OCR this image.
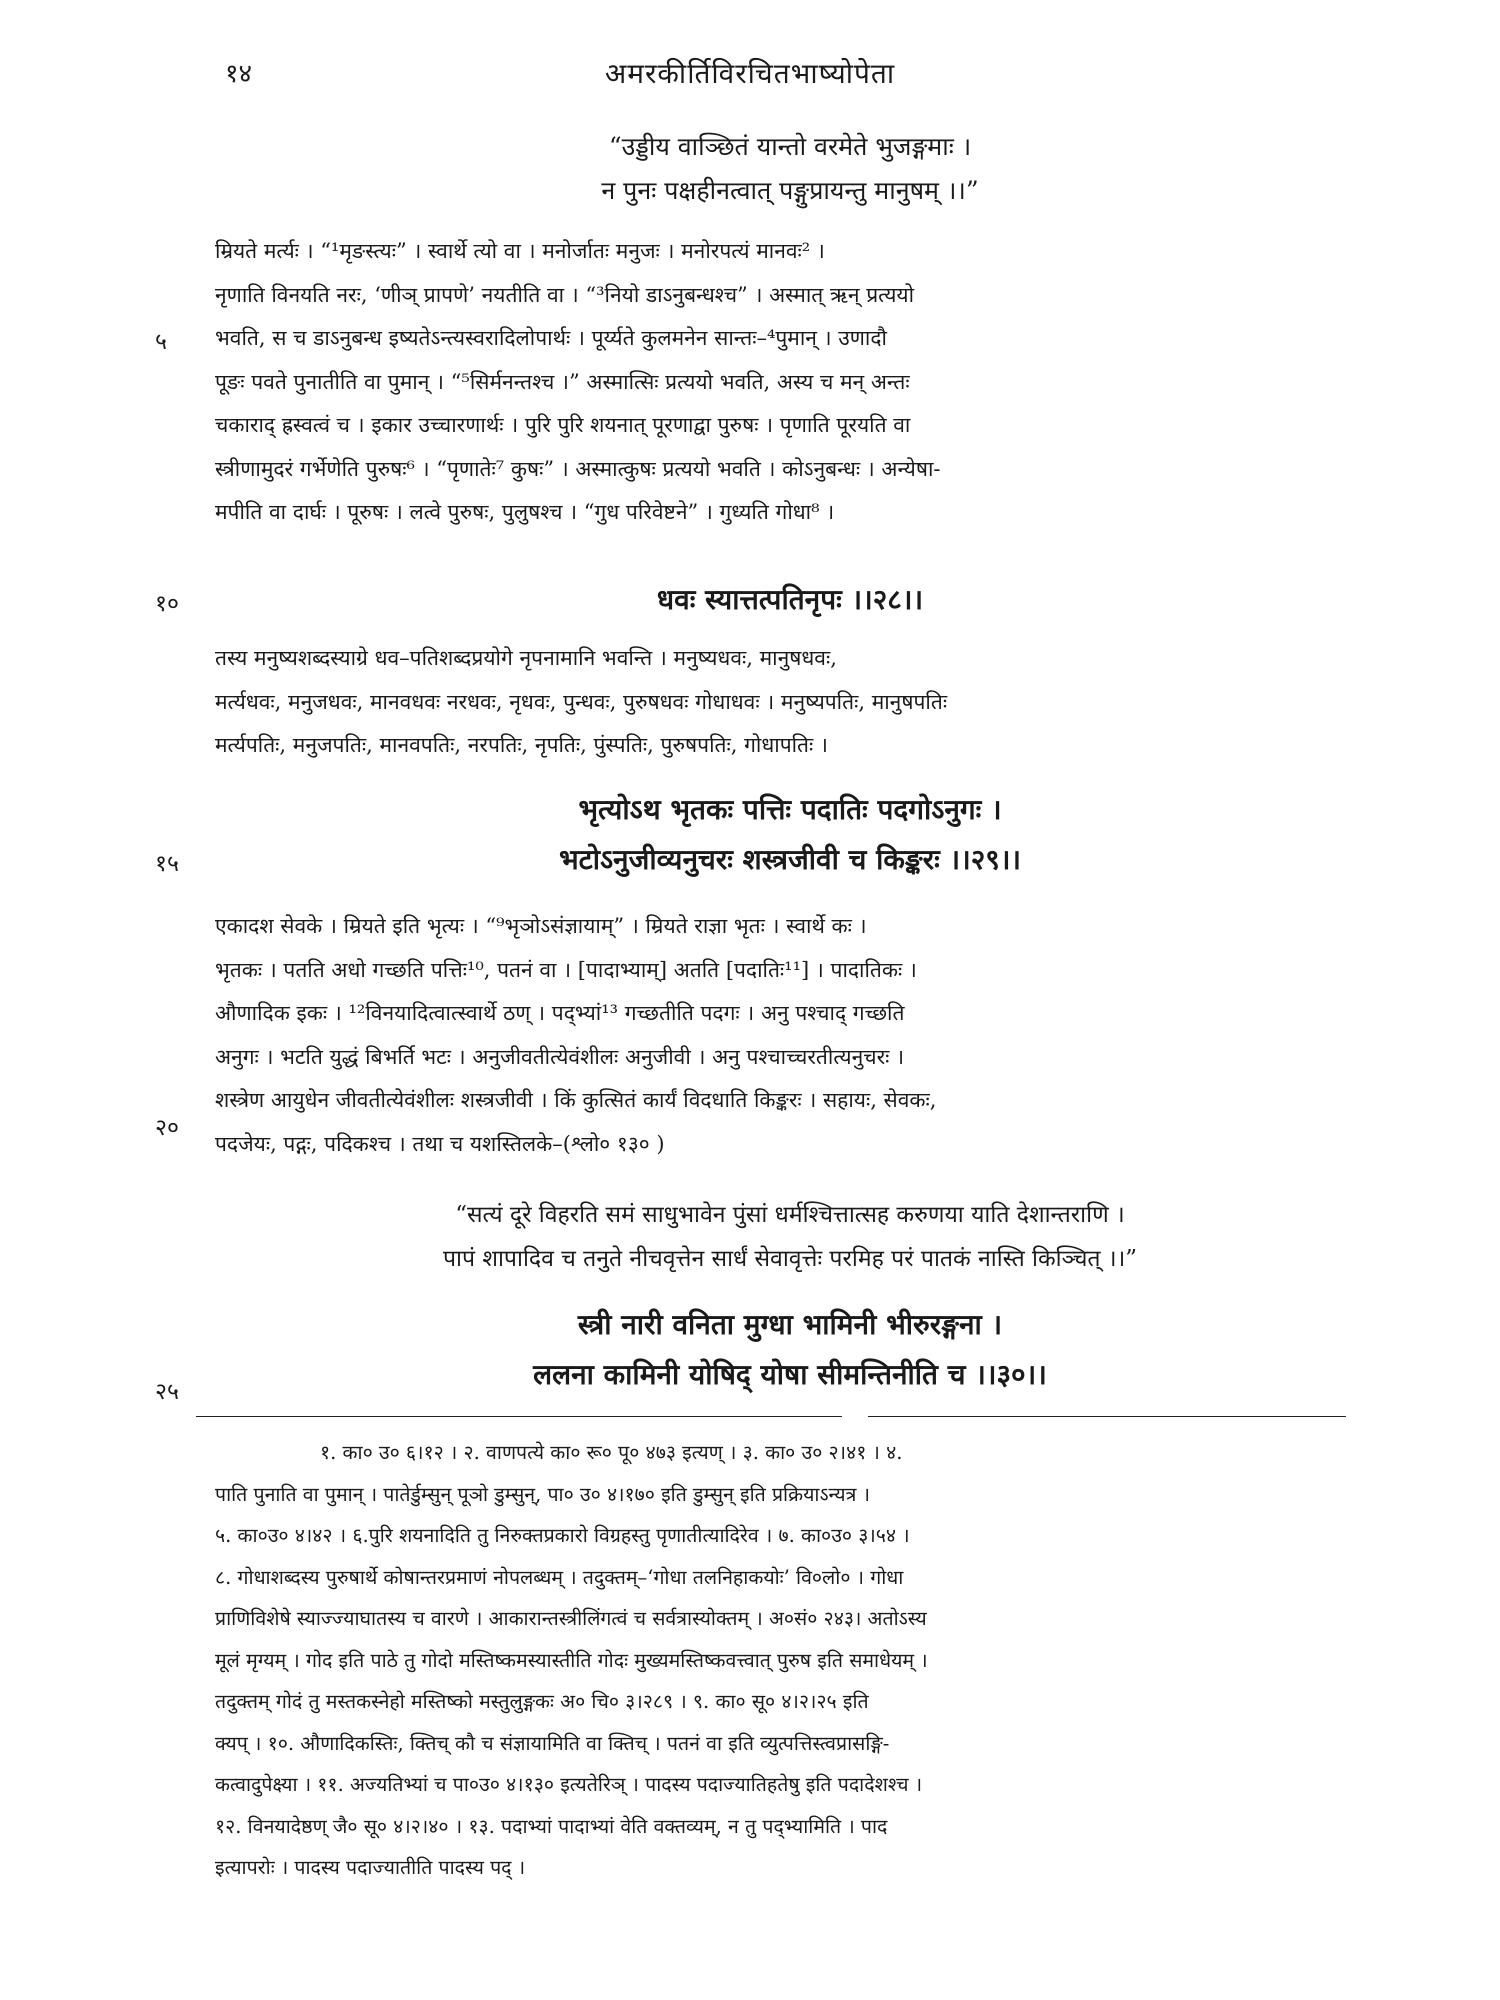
१४	अमरकीर्तिविरचितभाष्योपेता

“उड्डीय वाञ्छितं यान्तो वरमेते भुजङ्गमाः ।

न पुनः पक्षहीनत्वात् पङ्गुप्रायन्तु मानुषम् ।।”

म्रियते मर्त्यः । “¹मृङस्त्यः” । स्वार्थे त्यो वा । मनोर्जातः मनुजः । मनोरपत्यं मानवः² ।

नृणाति विनयति नरः, ‘णीञ् प्रापणे’ नयतीति वा । “³नियो डाऽनुबन्धश्च” । अस्मात् ऋन् प्रत्ययो

भवति, स च डाऽनुबन्ध इष्यतेऽन्त्यस्वरादिलोपार्थः । पूर्य्यते कुलमनेन सान्तः–⁴पुमान् । उणादौ

पूङः पवते पुनातीति वा पुमान् । “⁵सिर्मनन्तश्च ।” अस्मात्सिः प्रत्ययो भवति, अस्य च मन् अन्तः

चकाराद् ह्रस्वत्वं च । इकार उच्चारणार्थः । पुरि पुरि शयनात् पूरणाद्वा पुरुषः । पृणाति पूरयति वा

स्त्रीणामुदरं गर्भेणेति पुरुषः⁶ । “पृणातेः⁷ कुषः” । अस्मात्कुषः प्रत्ययो भवति । कोऽनुबन्धः । अन्येषा-

मपीति वा दार्घः । पूरुषः । लत्वे पुरुषः, पुलुषश्च । “गुध परिवेष्टने” । गुध्यति गोधा⁸ ।

धवः स्यात्तत्पतिनृपः ।।२८।।

तस्य मनुष्यशब्दस्याग्रे धव–पतिशब्दप्रयोगे नृपनामानि भवन्ति । मनुष्यधवः, मानुषधवः,

मर्त्यधवः, मनुजधवः, मानवधवः नरधवः, नृधवः, पुन्धवः, पुरुषधवः गोधाधवः । मनुष्यपतिः, मानुषपतिः

मर्त्यपतिः, मनुजपतिः, मानवपतिः, नरपतिः, नृपतिः, पुंस्पतिः, पुरुषपतिः, गोधापतिः ।

भृत्योऽथ भृतकः पत्तिः पदातिः पदगोऽनुगः ।

भटोऽनुजीव्यनुचरः शस्त्रजीवी च किङ्करः ।।२९।।

एकादश सेवके । म्रियते इति भृत्यः । “⁹भृञोऽसंज्ञायाम्” । म्रियते राज्ञा भृतः । स्वार्थे कः ।

भृतकः । पतति अधो गच्छति पत्तिः¹⁰, पतनं वा । [पादाभ्याम्] अतति [पदातिः¹¹] । पादातिकः ।

औणादिक इकः । ¹²विनयादित्वात्स्वार्थे ठण् । पद्भ्यां¹³ गच्छतीति पदगः । अनु पश्चाद् गच्छति

अनुगः । भटति युद्धं बिभर्ति भटः । अनुजीवतीत्येवंशीलः अनुजीवी । अनु पश्चाच्चरतीत्यनुचरः ।

शस्त्रेण आयुधेन जीवतीत्येवंशीलः शस्त्रजीवी । किं कुत्सितं कार्यं विदधाति किङ्करः । सहायः, सेवकः,

पदजेयः, पद्गः, पदिकश्च । तथा च यशस्तिलके–(श्लो० १३० )

“सत्यं दूरे विहरति समं साधुभावेन पुंसां धर्मश्चित्तात्सह करुणया याति देशान्तराणि ।

पापं शापादिव च तनुते नीचवृत्तेन सार्धं सेवावृत्तेः परमिह परं पातकं नास्ति किञ्चित् ।।”

स्त्री नारी वनिता मुग्धा भामिनी भीरुरङ्गना ।

ललना कामिनी योषिद् योषा सीमन्तिनीति च ।।३०।।

१. का० उ० ६।१२ । २. वाणपत्ये का० रू० पू० ४७३ इत्यण् । ३. का० उ० २।४१ । ४.

पाति पुनाति वा पुमान् । पातेर्डुम्सुन् पूञो डुम्सुन्, पा० उ० ४।१७० इति डुम्सुन् इति प्रक्रियाऽन्यत्र ।

५. का०उ० ४।४२ । ६.पुरि शयनादिति तु निरुक्तप्रकारो विग्रहस्तु पृणातीत्यादिरेव । ७. का०उ० ३।५४ ।

८. गोधाशब्दस्य पुरुषार्थे कोषान्तरप्रमाणं नोपलब्धम् । तदुक्तम्–‘गोधा तलनिहाकयोः’ वि०लो० । गोधा

प्राणिविशेषे स्याज्ज्याघातस्य च वारणे । आकारान्तस्त्रीलिंगत्वं च सर्वत्रास्योक्तम् । अ०सं० २४३। अतोऽस्य

मूलं मृग्यम् । गोद इति पाठे तु गोदो मस्तिष्कमस्यास्तीति गोदः मुख्यमस्तिष्कवत्त्वात् पुरुष इति समाधेयम् ।

तदुक्तम् गोदं तु मस्तकस्नेहो मस्तिष्को मस्तुलुङ्गकः अ० चि० ३।२८९ । ९. का० सू० ४।२।२५ इति

क्यप् । १०. औणादिकस्तिः, क्तिच् कौ च संज्ञायामिति वा क्तिच् । पतनं वा इति व्युत्पत्तिस्त्वप्रासङ्गि-

कत्वादुपेक्ष्या । ११. अज्यतिभ्यां च पा०उ० ४।१३० इत्यतेरिञ् । पादस्य पदाज्यातिहतेषु इति पदादेशश्च ।

१२. विनयादेष्ठण् जै० सू० ४।२।४० । १३. पदाभ्यां पादाभ्यां वेति वक्तव्यम्, न तु पद्भ्यामिति । पाद

इत्यापरोः । पादस्य पदाज्यातीति पादस्य पद् ।

५
१०
१५
२०
२५
